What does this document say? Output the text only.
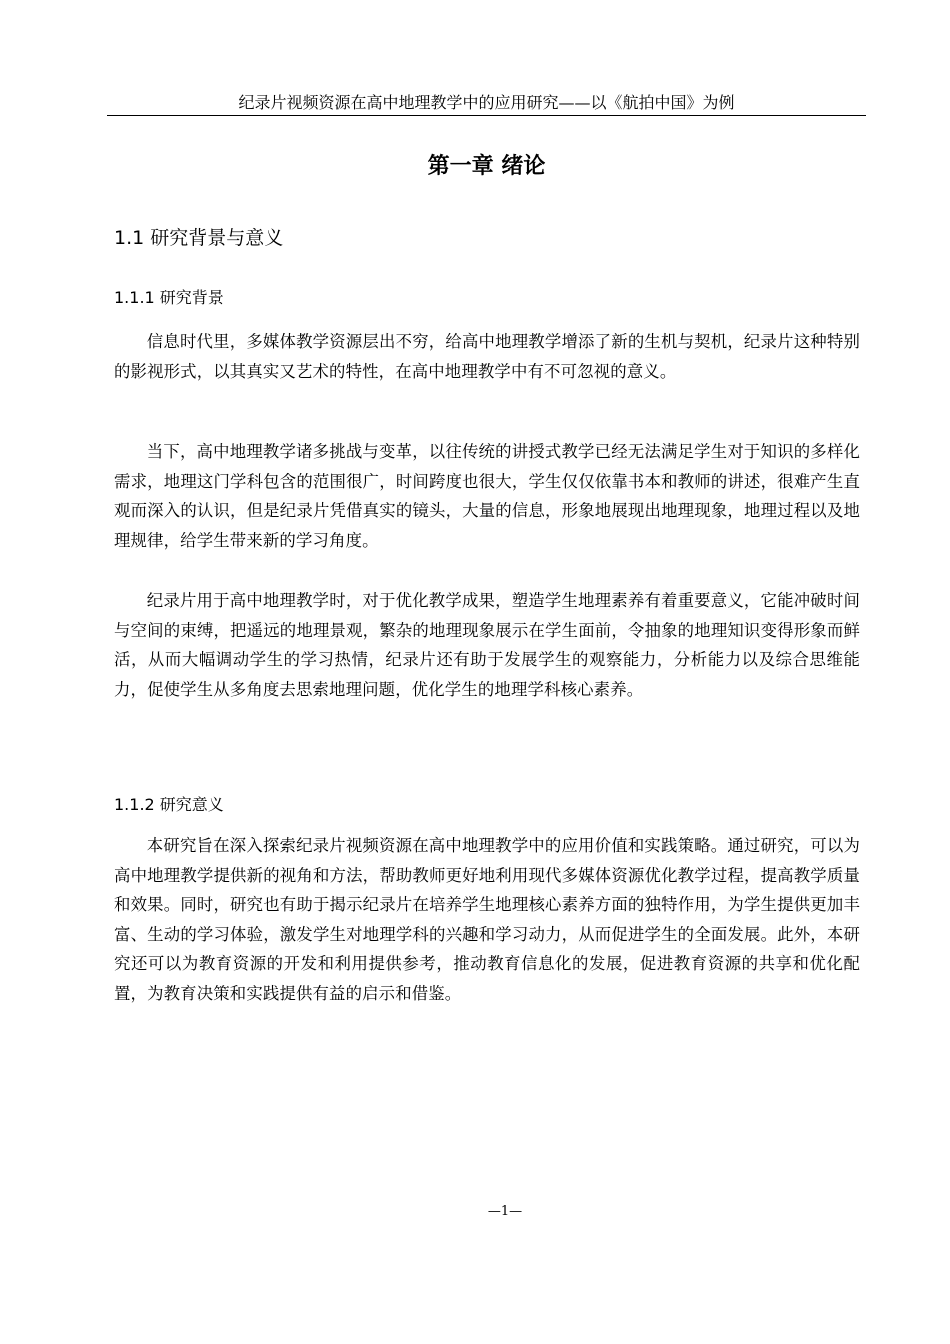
纪录片视频资源在高中地理教学中的应用研究——以《航拍中国》为例
第一章 绪论
1.1 研究背景与意义
1.1.1 研究背景

信息时代里，多媒体教学资源层出不穷，给高中地理教学增添了新的生机与契机，纪录片这种特别的影视形式，以其真实又艺术的特性，在高中地理教学中有不可忽视的意义。

当下，高中地理教学诸多挑战与变革，以往传统的讲授式教学已经无法满足学生对于知识的多样化需求，地理这门学科包含的范围很广，时间跨度也很大，学生仅仅依靠书本和教师的讲述，很难产生直观而深入的认识，但是纪录片凭借真实的镜头，大量的信息，形象地展现出地理现象，地理过程以及地理规律，给学生带来新的学习角度。

纪录片用于高中地理教学时，对于优化教学成果，塑造学生地理素养有着重要意义，它能冲破时间与空间的束缚，把遥远的地理景观，繁杂的地理现象展示在学生面前，令抽象的地理知识变得形象而鲜活，从而大幅调动学生的学习热情，纪录片还有助于发展学生的观察能力，分析能力以及综合思维能力，促使学生从多角度去思索地理问题，优化学生的地理学科核心素养。

1.1.2 研究意义

本研究旨在深入探索纪录片视频资源在高中地理教学中的应用价值和实践策略。通过研究，可以为高中地理教学提供新的视角和方法，帮助教师更好地利用现代多媒体资源优化教学过程，提高教学质量和效果。同时，研究也有助于揭示纪录片在培养学生地理核心素养方面的独特作用，为学生提供更加丰富、生动的学习体验，激发学生对地理学科的兴趣和学习动力，从而促进学生的全面发展。此外，本研究还可以为教育资源的开发和利用提供参考，推动教育信息化的发展，促进教育资源的共享和优化配置，为教育决策和实践提供有益的启示和借鉴。

—1—
